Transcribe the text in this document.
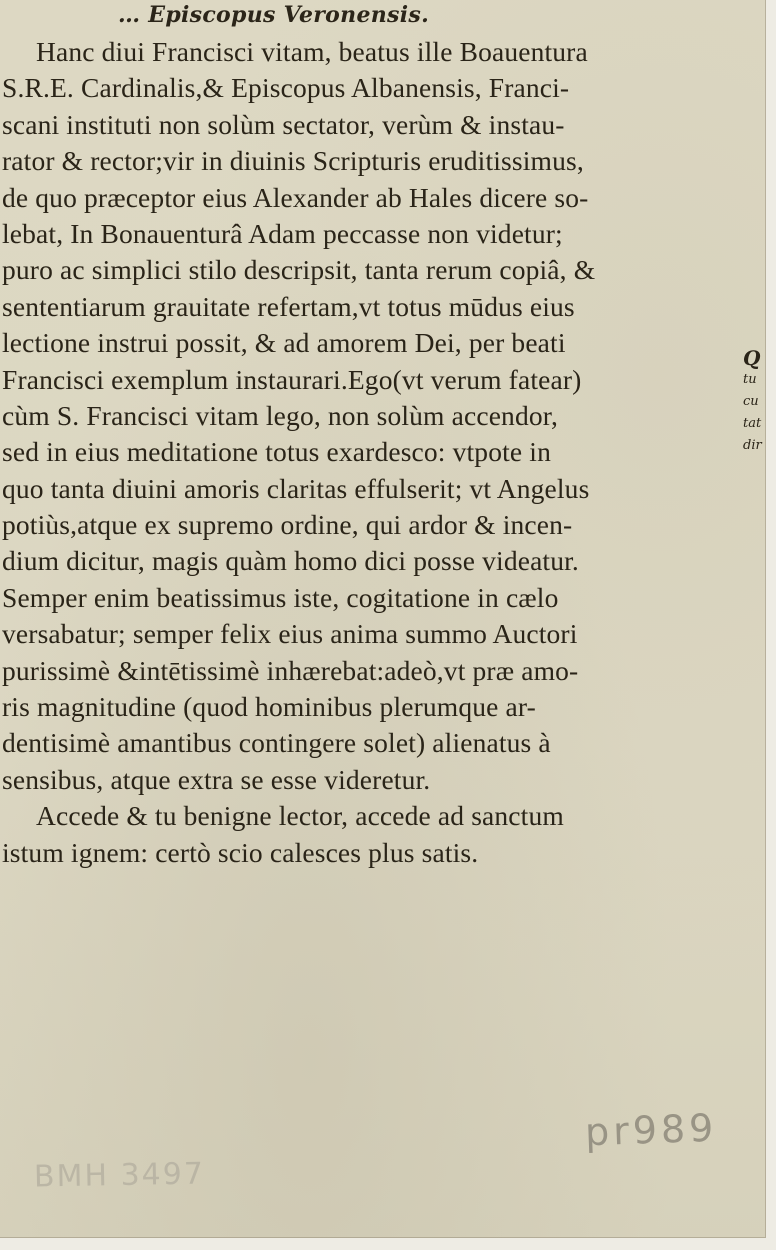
… Episcopus Veronensis.
Hanc diui Francisci vitam, beatus ille Boauentura
S.R.E. Cardinalis,& Episcopus Albanensis, Franci-
scani instituti non solùm sectator, verùm & instau-
rator & rector;vir in diuinis Scripturis eruditissimus,
de quo præceptor eius Alexander ab Hales dicere so-
lebat, In Bonauenturâ Adam peccasse non videtur;
puro ac simplici stilo descripsit, tanta rerum copiâ, &
sententiarum grauitate refertam,vt totus mūdus eius
lectione instrui possit, & ad amorem Dei, per beati
Francisci exemplum instaurari.Ego(vt verum fatear)
cùm S. Francisci vitam lego, non solùm accendor,
sed in eius meditatione totus exardesco: vtpote in
quo tanta diuini amoris claritas effulserit; vt Angelus
potiùs,atque ex supremo ordine, qui ardor & incen-
dium dicitur, magis quàm homo dici posse videatur.
Semper enim beatissimus iste, cogitatione in cælo
versabatur; semper felix eius anima summo Auctori
purissimè &intētissimè inhærebat:adeò,vt præ amo-
ris magnitudine (quod hominibus plerumque ar-
dentisimè amantibus contingere solet) alienatus à
sensibus, atque extra se esse videretur.
Accede & tu benigne lector, accede ad sanctum
istum ignem: certò scio calesces plus satis.
Q
tu
cu
tat
dir
pr989
BMH 3497
